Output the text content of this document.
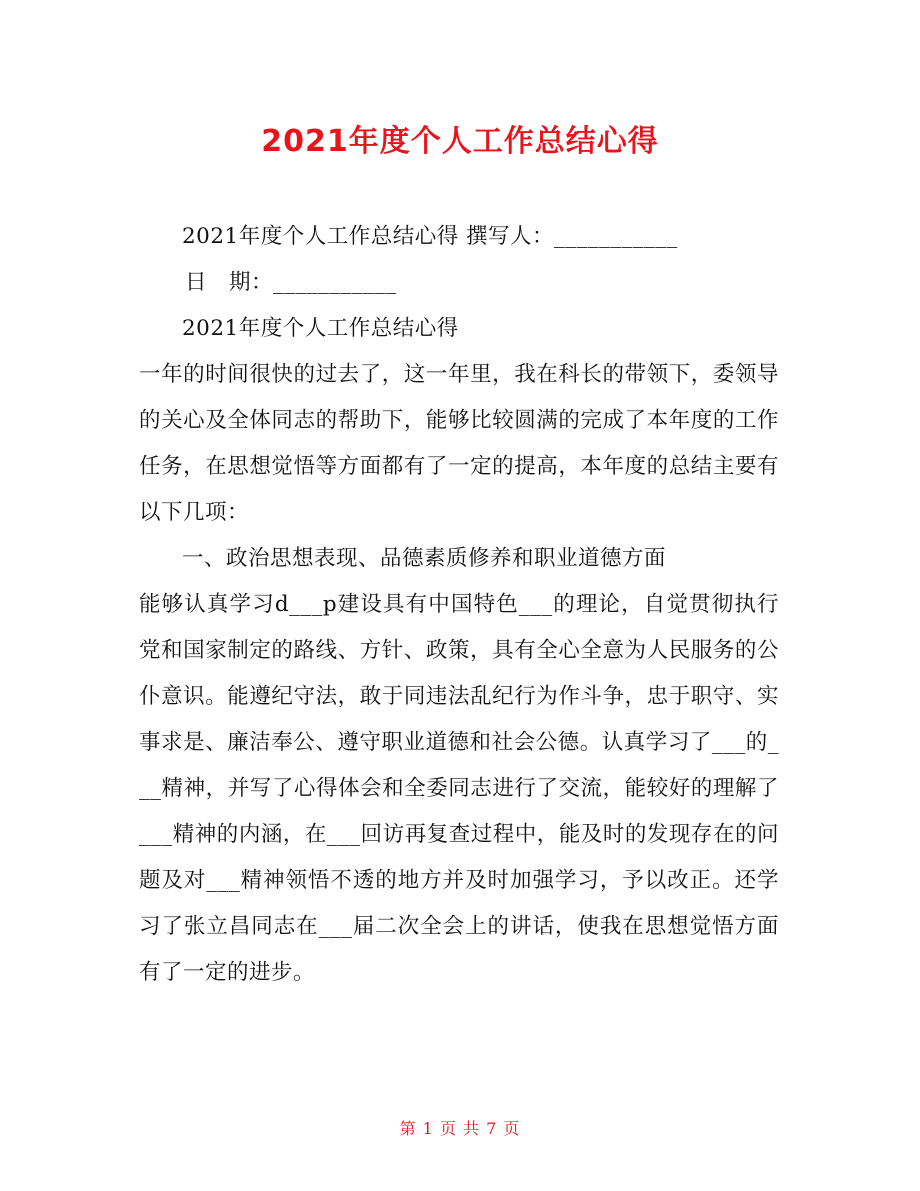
2021年度个人工作总结心得
2021年度个人工作总结心得 撰写人：___________
日　期：___________
2021年度个人工作总结心得
一年的时间很快的过去了，这一年里，我在科长的带领下，委领导的关心及全体同志的帮助下，能够比较圆满的完成了本年度的工作任务，在思想觉悟等方面都有了一定的提高，本年度的总结主要有以下几项：
一、政治思想表现、品德素质修养和职业道德方面
能够认真学习d___p建设具有中国特色___的理论，自觉贯彻执行党和国家制定的路线、方针、政策，具有全心全意为人民服务的公仆意识。能遵纪守法，敢于同违法乱纪行为作斗争，忠于职守、实事求是、廉洁奉公、遵守职业道德和社会公德。认真学习了___的___精神，并写了心得体会和全委同志进行了交流，能较好的理解了___精神的内涵，在___回访再复查过程中，能及时的发现存在的问题及对___精神领悟不透的地方并及时加强学习，予以改正。还学习了张立昌同志在___届二次全会上的讲话，使我在思想觉悟方面有了一定的进步。
第 1 页 共 7 页
